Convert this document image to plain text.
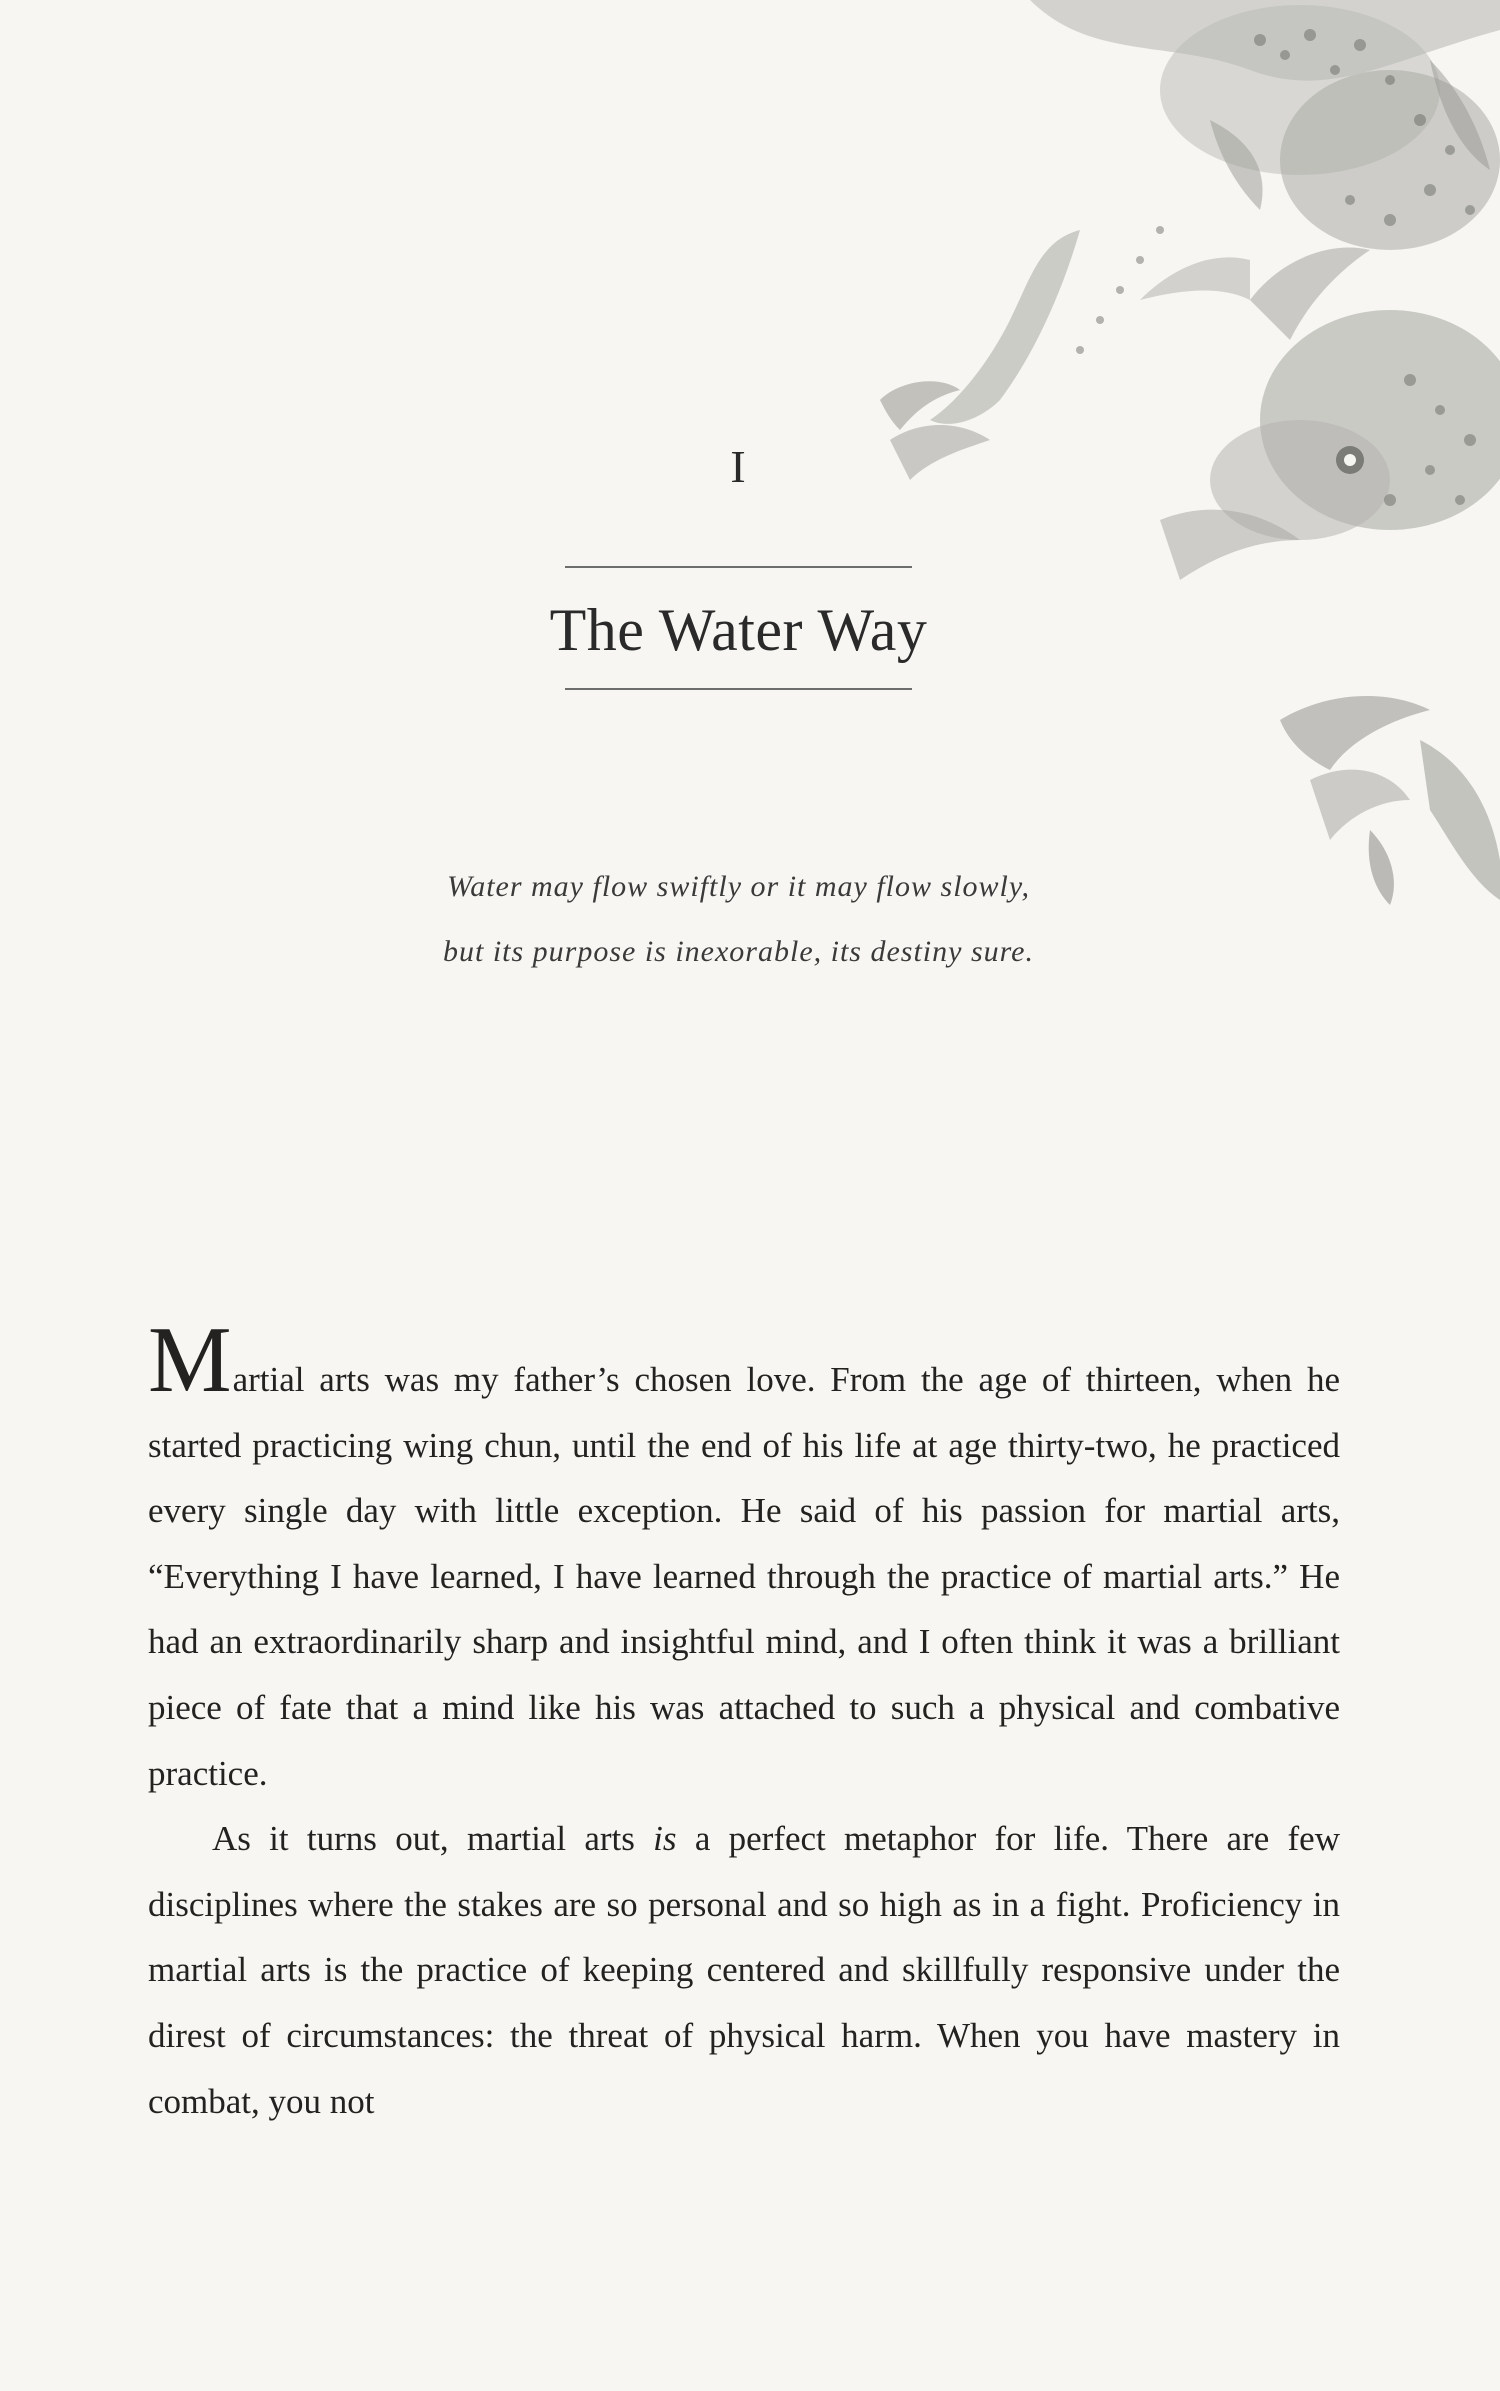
I
The Water Way
Water may flow swiftly or it may flow slowly,
but its purpose is inexorable, its destiny sure.

Martial arts was my father’s chosen love. From the age of thirteen, when he started practicing wing chun, until the end of his life at age thirty-two, he practiced every single day with little exception. He said of his passion for martial arts, “Everything I have learned, I have learned through the practice of martial arts.” He had an extraordinarily sharp and insightful mind, and I often think it was a brilliant piece of fate that a mind like his was attached to such a physical and combative practice.

As it turns out, martial arts is a perfect metaphor for life. There are few disciplines where the stakes are so personal and so high as in a fight. Proficiency in martial arts is the practice of keeping centered and skillfully responsive under the direst of circumstances: the threat of physical harm. When you have mastery in combat, you not
